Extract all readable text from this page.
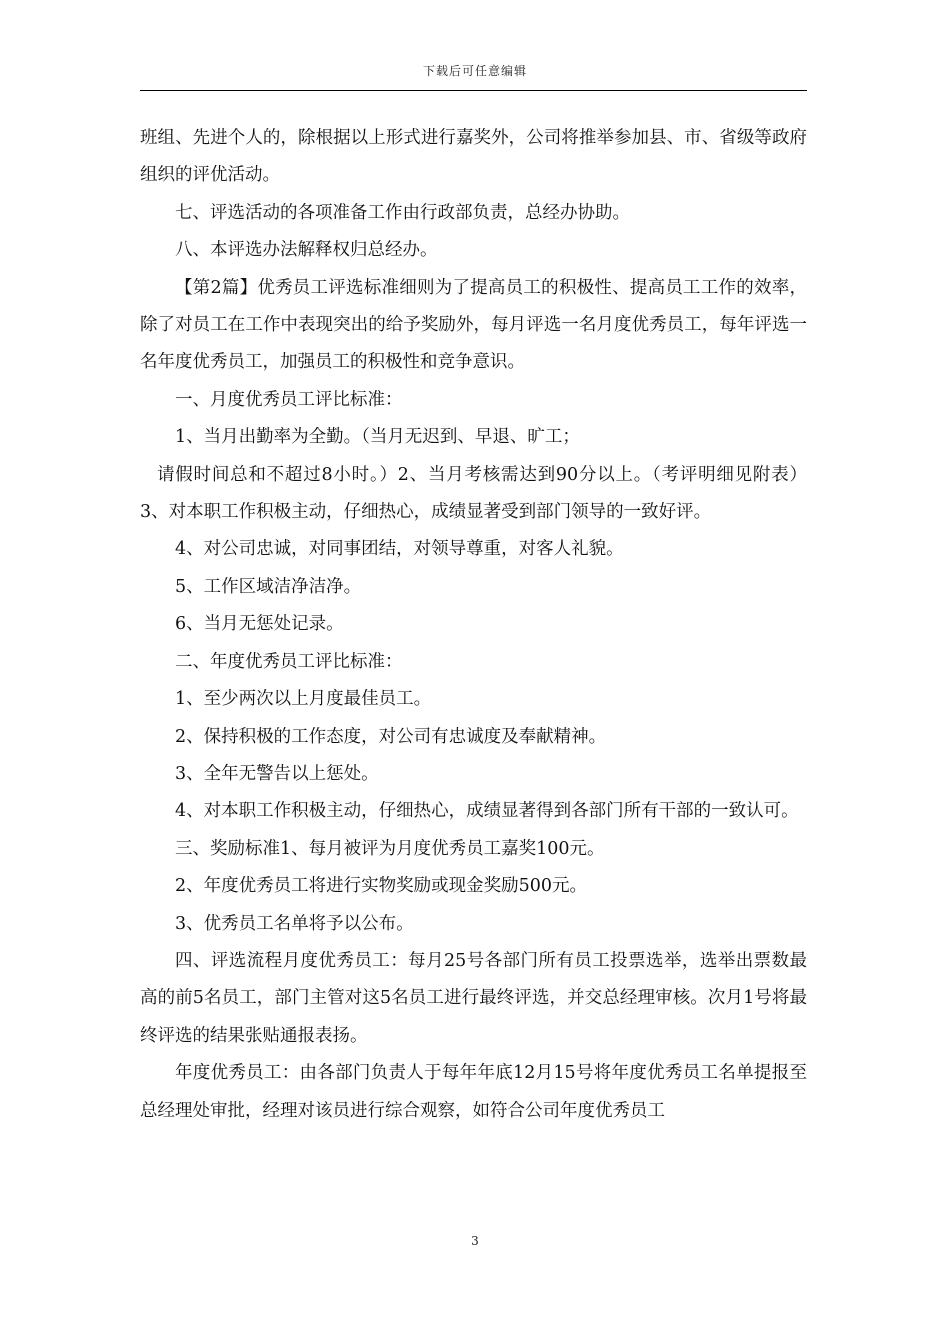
下载后可任意编辑

班组、先进个人的，除根据以上形式进行嘉奖外，公司将推举参加县、市、省级等政府组织的评优活动。

七、评选活动的各项准备工作由行政部负责，总经办协助。

八、本评选办法解释权归总经办。

【第2篇】优秀员工评选标准细则为了提高员工的积极性、提高员工工作的效率，除了对员工在工作中表现突出的给予奖励外，每月评选一名月度优秀员工，每年评选一名年度优秀员工，加强员工的积极性和竞争意识。

一、月度优秀员工评比标准：

1、当月出勤率为全勤。（当月无迟到、早退、旷工；

请假时间总和不超过8小时。）2、当月考核需达到90分以上。（考评明细见附表）3、对本职工作积极主动，仔细热心，成绩显著受到部门领导的一致好评。

4、对公司忠诚，对同事团结，对领导尊重，对客人礼貌。

5、工作区域洁净洁净。

6、当月无惩处记录。

二、年度优秀员工评比标准：

1、至少两次以上月度最佳员工。

2、保持积极的工作态度，对公司有忠诚度及奉献精神。

3、全年无警告以上惩处。

4、对本职工作积极主动，仔细热心，成绩显著得到各部门所有干部的一致认可。

三、奖励标准1、每月被评为月度优秀员工嘉奖100元。

2、年度优秀员工将进行实物奖励或现金奖励500元。

3、优秀员工名单将予以公布。

四、评选流程月度优秀员工：每月25号各部门所有员工投票选举，选举出票数最高的前5名员工，部门主管对这5名员工进行最终评选，并交总经理审核。次月1号将最终评选的结果张贴通报表扬。

年度优秀员工：由各部门负责人于每年年底12月15号将年度优秀员工名单提报至总经理处审批，经理对该员进行综合观察，如符合公司年度优秀员工

3
